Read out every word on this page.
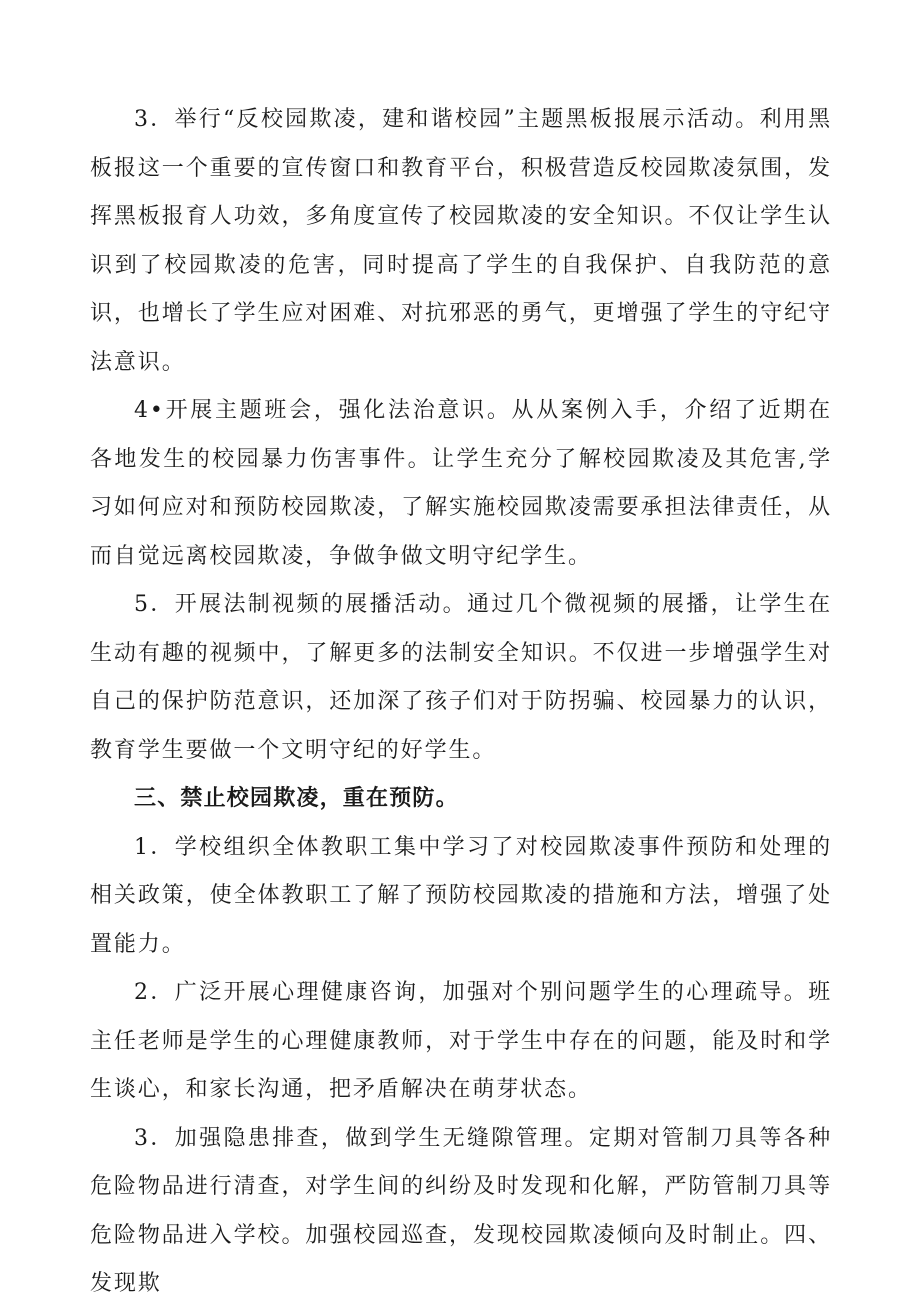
3．举行“反校园欺凌，建和谐校园”主题黑板报展示活动。利用黑板报这一个重要的宣传窗口和教育平台，积极营造反校园欺凌氛围，发挥黑板报育人功效，多角度宣传了校园欺凌的安全知识。不仅让学生认识到了校园欺凌的危害，同时提高了学生的自我保护、自我防范的意识，也增长了学生应对困难、对抗邪恶的勇气，更增强了学生的守纪守法意识。

4•开展主题班会，强化法治意识。从从案例入手，介绍了近期在各地发生的校园暴力伤害事件。让学生充分了解校园欺凌及其危害,学习如何应对和预防校园欺凌，了解实施校园欺凌需要承担法律责任，从而自觉远离校园欺凌，争做争做文明守纪学生。

5．开展法制视频的展播活动。通过几个微视频的展播，让学生在生动有趣的视频中，了解更多的法制安全知识。不仅进一步增强学生对自己的保护防范意识，还加深了孩子们对于防拐骗、校园暴力的认识，教育学生要做一个文明守纪的好学生。

三、禁止校园欺凌，重在预防。

1．学校组织全体教职工集中学习了对校园欺凌事件预防和处理的相关政策，使全体教职工了解了预防校园欺凌的措施和方法，增强了处置能力。

2．广泛开展心理健康咨询，加强对个别问题学生的心理疏导。班主任老师是学生的心理健康教师，对于学生中存在的问题，能及时和学生谈心，和家长沟通，把矛盾解决在萌芽状态。

3．加强隐患排查，做到学生无缝隙管理。定期对管制刀具等各种危险物品进行清查，对学生间的纠纷及时发现和化解，严防管制刀具等危险物品进入学校。加强校园巡查，发现校园欺凌倾向及时制止。四、发现欺
